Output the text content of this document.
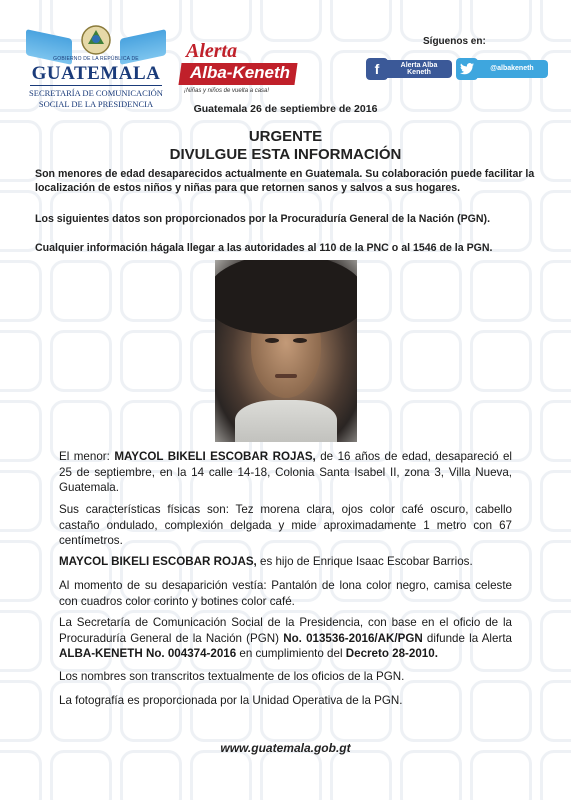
GOBIERNO DE LA REPÚBLICA DE
GUATEMALA
SECRETARÍA DE COMUNICACIÓN
SOCIAL DE LA PRESIDENCIA
Alerta
Alba-Keneth
¡Niñas y niños de vuelta a casa!
Síguenos en:
f	Alerta Alba Keneth
@albakeneth
Guatemala 26 de septiembre de 2016
URGENTE
DIVULGUE ESTA INFORMACIÓN

Son menores de edad desaparecidos actualmente en Guatemala. Su colaboración puede facilitar la localización de estos niños y niñas para que retornen sanos y salvos a sus hogares.

Los siguientes datos son proporcionados por la Procuraduría General de la Nación (PGN).

Cualquier información hágala llegar a las autoridades al 110 de la PNC o al 1546 de la PGN.

El menor: MAYCOL BIKELI ESCOBAR ROJAS, de 16 años de edad, desapareció el 25 de septiembre, en la 14 calle 14-18, Colonia Santa Isabel II, zona 3, Villa Nueva, Guatemala.

Sus características físicas son: Tez morena clara, ojos color café oscuro, cabello castaño ondulado, complexión delgada y mide aproximadamente 1 metro con 67 centímetros.

MAYCOL BIKELI ESCOBAR ROJAS, es hijo de Enrique Isaac Escobar Barrios.

Al momento de su desaparición vestía: Pantalón de lona color negro, camisa celeste con cuadros color corinto y botines color café.

La Secretaría de Comunicación Social de la Presidencia, con base en el oficio de la Procuraduría General de la Nación (PGN) No. 013536-2016/AK/PGN difunde la Alerta ALBA-KENETH No. 004374-2016 en cumplimiento del Decreto 28-2010.

Los nombres son transcritos textualmente de los oficios de la PGN.

La fotografía es proporcionada por la Unidad Operativa de la PGN.

www.guatemala.gob.gt
